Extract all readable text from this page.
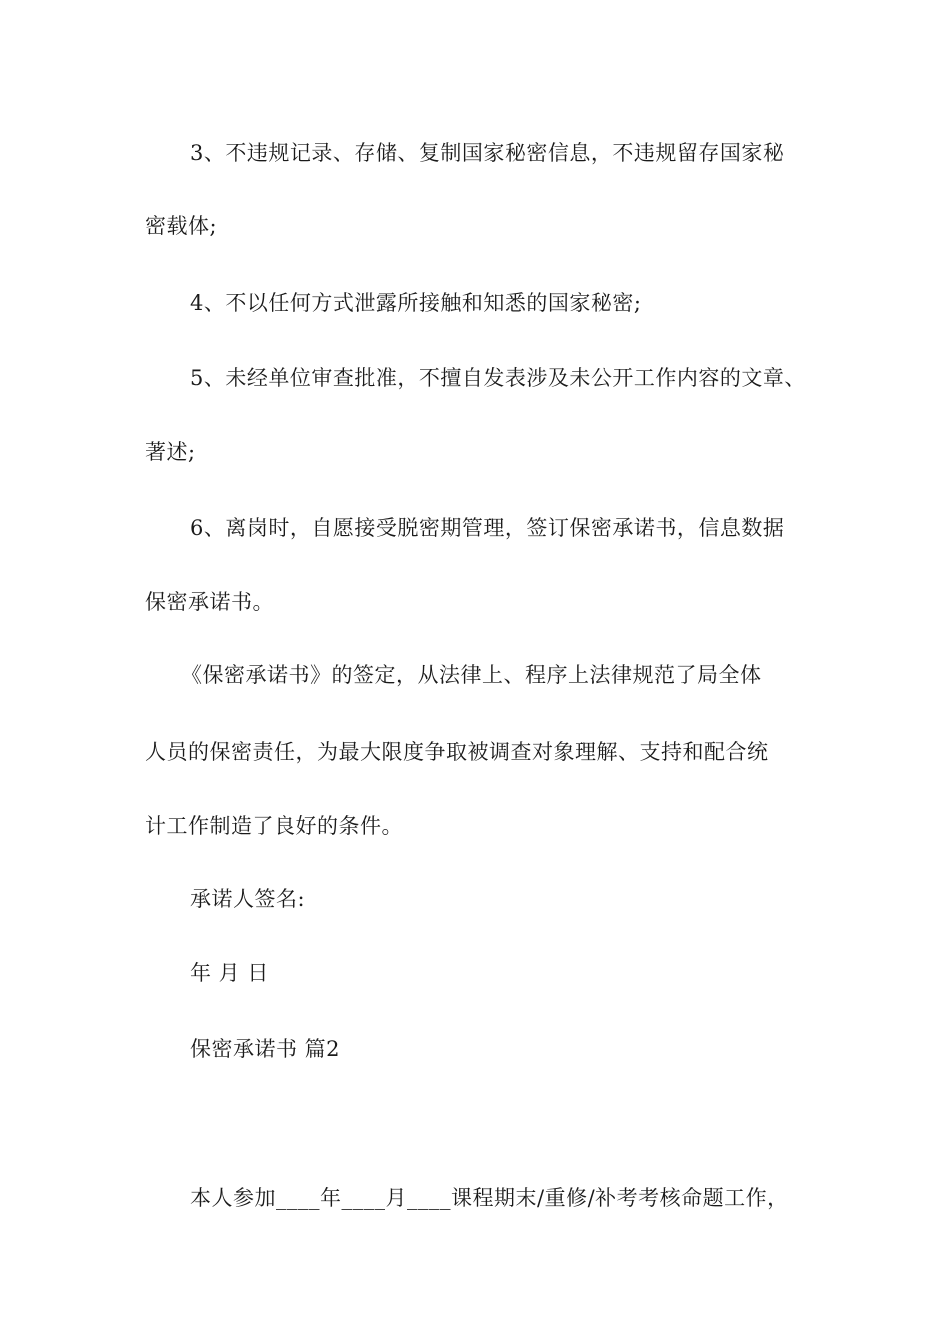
3、不违规记录、存储、复制国家秘密信息，不违规留存国家秘
密载体;
4、不以任何方式泄露所接触和知悉的国家秘密;
5、未经单位审查批准，不擅自发表涉及未公开工作内容的文章、
著述;
6、离岗时，自愿接受脱密期管理，签订保密承诺书，信息数据
保密承诺书。
《保密承诺书》的签定，从法律上、程序上法律规范了局全体
人员的保密责任，为最大限度争取被调查对象理解、支持和配合统
计工作制造了良好的条件。
承诺人签名:
年 月 日
保密承诺书 篇2
本人参加____年____月____课程期末/重修/补考考核命题工作，
